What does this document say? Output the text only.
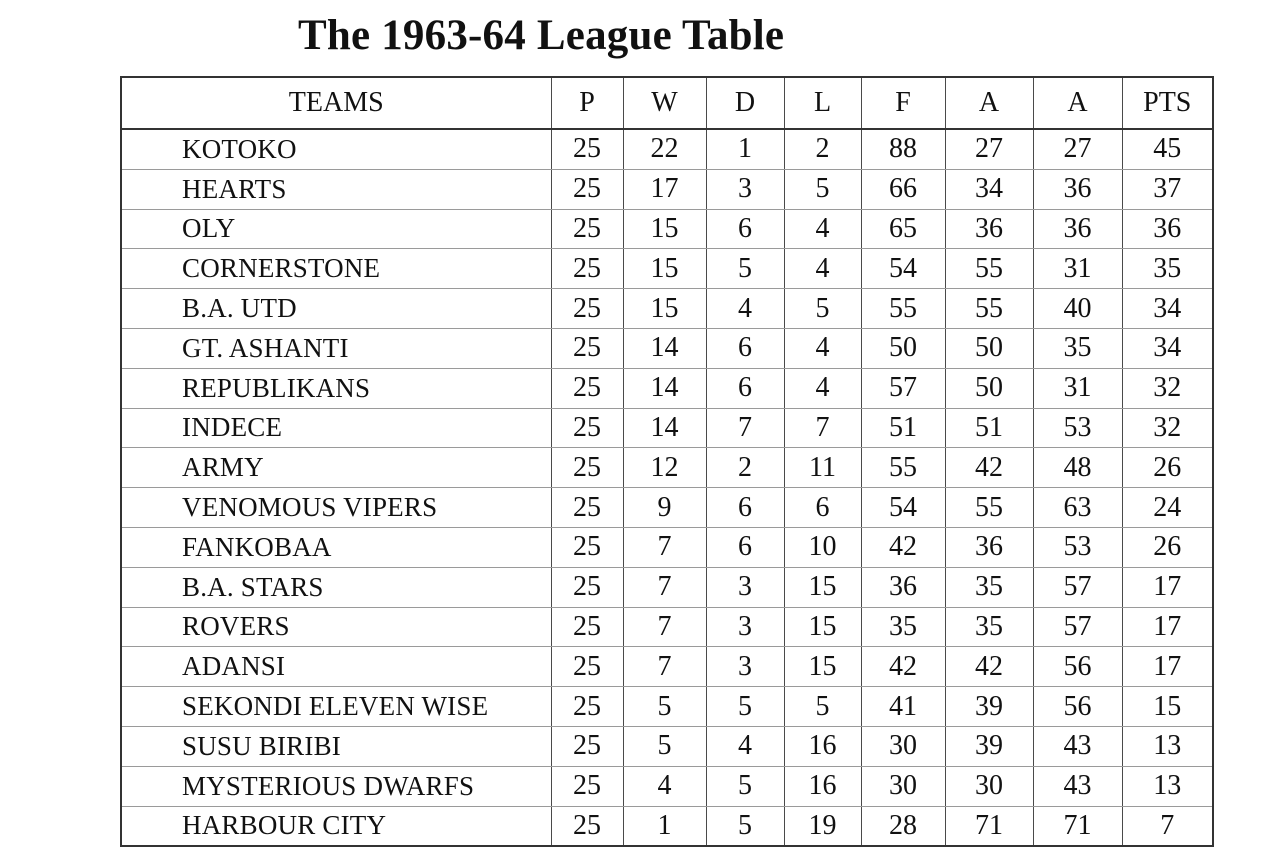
The 1963-64 League Table
TEAMS	P	W	D	L	F	A	A	PTS
KOTOKO	25	22	1	2	88	27	27	45
HEARTS	25	17	3	5	66	34	36	37
OLY	25	15	6	4	65	36	36	36
CORNERSTONE	25	15	5	4	54	55	31	35
B.A. UTD	25	15	4	5	55	55	40	34
GT. ASHANTI	25	14	6	4	50	50	35	34
REPUBLIKANS	25	14	6	4	57	50	31	32
INDECE	25	14	7	7	51	51	53	32
ARMY	25	12	2	11	55	42	48	26
VENOMOUS VIPERS	25	9	6	6	54	55	63	24
FANKOBAA	25	7	6	10	42	36	53	26
B.A. STARS	25	7	3	15	36	35	57	17
ROVERS	25	7	3	15	35	35	57	17
ADANSI	25	7	3	15	42	42	56	17
SEKONDI ELEVEN WISE	25	5	5	5	41	39	56	15
SUSU BIRIBI	25	5	4	16	30	39	43	13
MYSTERIOUS DWARFS	25	4	5	16	30	30	43	13
HARBOUR CITY	25	1	5	19	28	71	71	7
